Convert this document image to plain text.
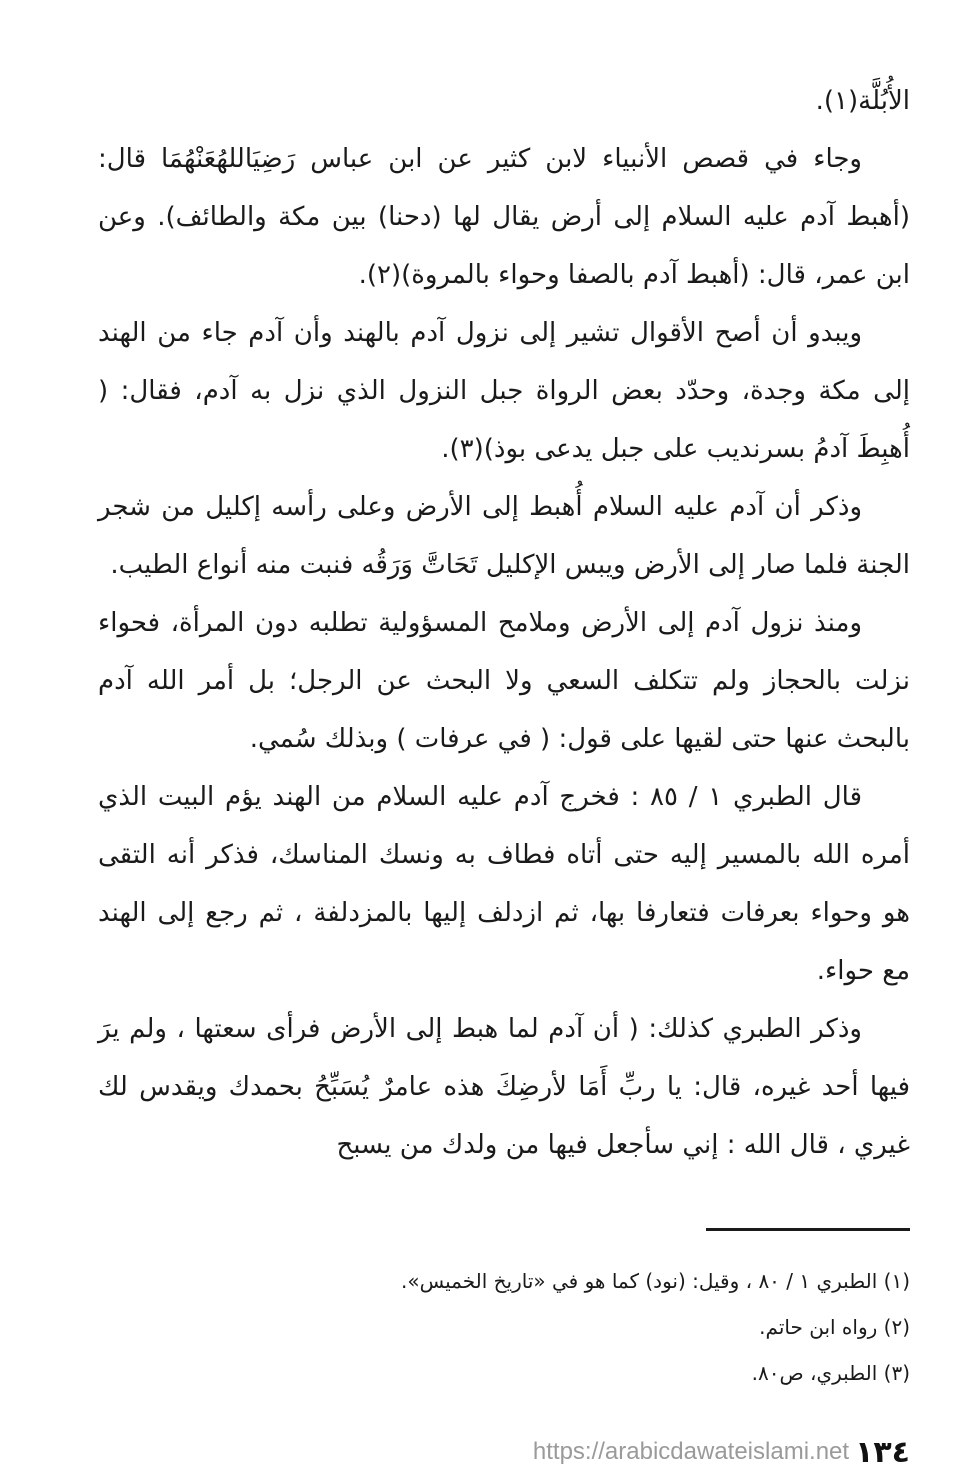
الأُبُلَّة(١).

وجاء في قصص الأنبياء لابن كثير عن ابن عباس رَضِيَاللهُعَنْهُمَا قال: (أهبط آدم عليه السلام إلى أرض يقال لها (دحنا) بين مكة والطائف). وعن ابن عمر، قال: (أهبط آدم بالصفا وحواء بالمروة)(٢).

ويبدو أن أصح الأقوال تشير إلى نزول آدم بالهند وأن آدم جاء من الهند إلى مكة وجدة، وحدّد بعض الرواة جبل النزول الذي نزل به آدم، فقال: ( أُهبِطَ آدمُ بسرنديب على جبل يدعى بوذ)(٣).

وذكر أن آدم عليه السلام أُهبط إلى الأرض وعلى رأسه إكليل من شجر الجنة فلما صار إلى الأرض ويبس الإكليل تَحَاتَّ وَرَقُه فنبت منه أنواع الطيب.

ومنذ نزول آدم إلى الأرض وملامح المسؤولية تطلبه دون المرأة، فحواء نزلت بالحجاز ولم تتكلف السعي ولا البحث عن الرجل؛ بل أمر الله آدم بالبحث عنها حتى لقيها على قول: ( في عرفات ) وبذلك سُمي.

قال الطبري ١ / ٨٥ : فخرج آدم عليه السلام من الهند يؤم البيت الذي أمره الله بالمسير إليه حتى أتاه فطاف به ونسك المناسك، فذكر أنه التقى هو وحواء بعرفات فتعارفا بها، ثم ازدلف إليها بالمزدلفة ، ثم رجع إلى الهند مع حواء.

وذكر الطبري كذلك: ( أن آدم لما هبط إلى الأرض فرأى سعتها ، ولم يرَ فيها أحد غيره، قال: يا ربِّ أَمَا لأرضِكَ هذه عامرٌ يُسَبِّحُ بحمدك ويقدس لك غيري ، قال الله : إني سأجعل فيها من ولدك من يسبح

(١) الطبري ١ / ٨٠ ، وقيل: (نود) كما هو في «تاريخ الخميس».

(٢) رواه ابن حاتم.

(٣) الطبري، ص٨٠.

https://arabicdawateislami.net ١٣٤
